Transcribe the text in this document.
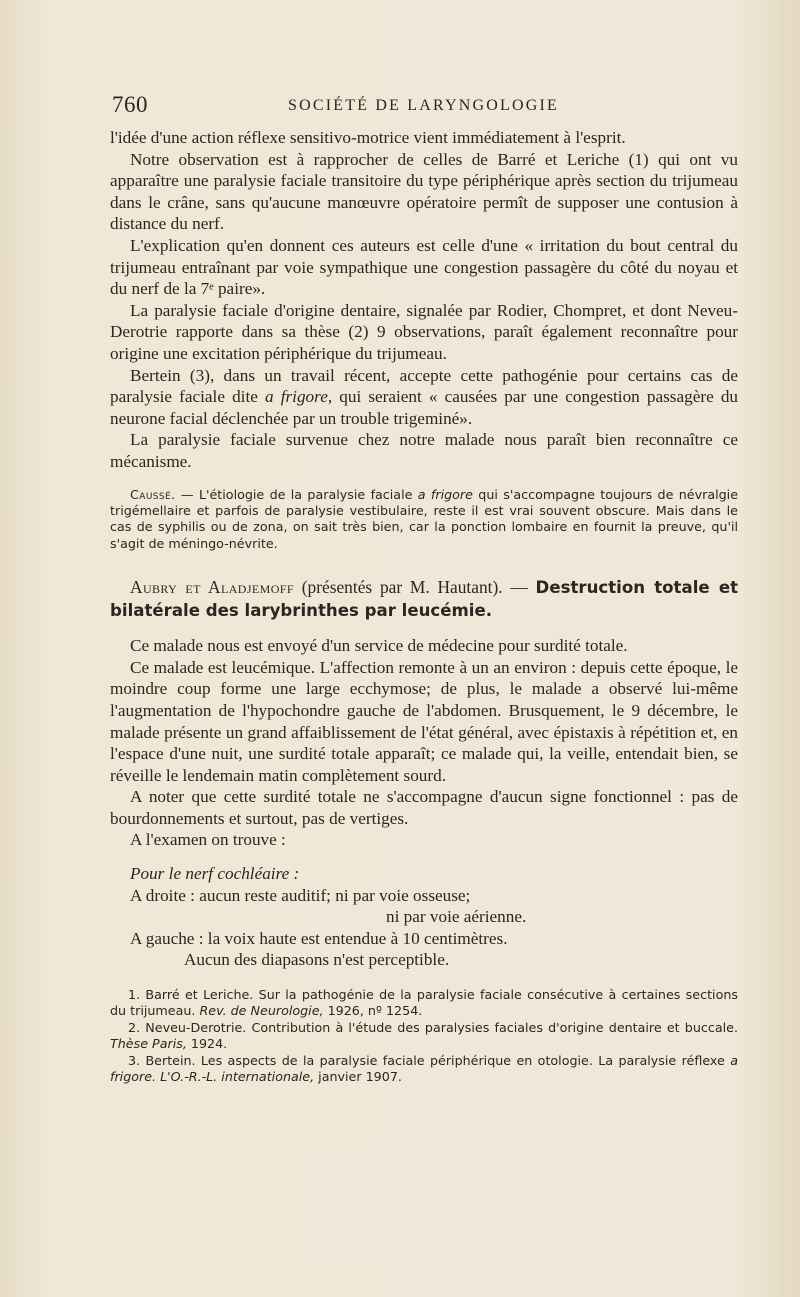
760	SOCIÉTÉ DE LARYNGOLOGIE

l'idée d'une action réflexe sensitivo-motrice vient immédiatement à l'esprit.

Notre observation est à rapprocher de celles de Barré et Leriche (1) qui ont vu apparaître une paralysie faciale transitoire du type périphérique après section du trijumeau dans le crâne, sans qu'aucune manœuvre opératoire permît de supposer une contusion à distance du nerf.

L'explication qu'en donnent ces auteurs est celle d'une « irritation du bout central du trijumeau entraînant par voie sympathique une congestion passagère du côté du noyau et du nerf de la 7ᵉ paire».

La paralysie faciale d'origine dentaire, signalée par Rodier, Chompret, et dont Neveu-Derotrie rapporte dans sa thèse (2) 9 observations, paraît également reconnaître pour origine une excitation périphérique du trijumeau.

Bertein (3), dans un travail récent, accepte cette pathogénie pour certains cas de paralysie faciale dite a frigore, qui seraient « causées par une congestion passagère du neurone facial déclenchée par un trouble trigeminé».

La paralysie faciale survenue chez notre malade nous paraît bien reconnaître ce mécanisme.

Caussé. — L'étiologie de la paralysie faciale a frigore qui s'accompagne toujours de névralgie trigémellaire et parfois de paralysie vestibulaire, reste il est vrai souvent obscure. Mais dans le cas de syphilis ou de zona, on sait très bien, car la ponction lombaire en fournit la preuve, qu'il s'agit de méningo-névrite.

Aubry et Aladjemoff (présentés par M. Hautant). — Destruction totale et bilatérale des larybrinthes par leucémie.

Ce malade nous est envoyé d'un service de médecine pour surdité totale.

Ce malade est leucémique. L'affection remonte à un an environ : depuis cette époque, le moindre coup forme une large ecchymose; de plus, le malade a observé lui-même l'augmentation de l'hypochondre gauche de l'abdomen. Brusquement, le 9 décembre, le malade présente un grand affaiblissement de l'état général, avec épistaxis à répétition et, en l'espace d'une nuit, une surdité totale apparaît; ce malade qui, la veille, entendait bien, se réveille le lendemain matin complètement sourd.

A noter que cette surdité totale ne s'accompagne d'aucun signe fonctionnel : pas de bourdonnements et surtout, pas de vertiges.

A l'examen on trouve :

Pour le nerf cochléaire :

A droite : aucun reste auditif; ni par voie osseuse;

ni par voie aérienne.

A gauche : la voix haute est entendue à 10 centimètres.

Aucun des diapasons n'est perceptible.

1. Barré et Leriche. Sur la pathogénie de la paralysie faciale consécutive à certaines sections du trijumeau. Rev. de Neurologie, 1926, nº 1254.

2. Neveu-Derotrie. Contribution à l'étude des paralysies faciales d'origine dentaire et buccale. Thèse Paris, 1924.

3. Bertein. Les aspects de la paralysie faciale périphérique en otologie. La paralysie réflexe a frigore. L'O.-R.-L. internationale, janvier 1907.
